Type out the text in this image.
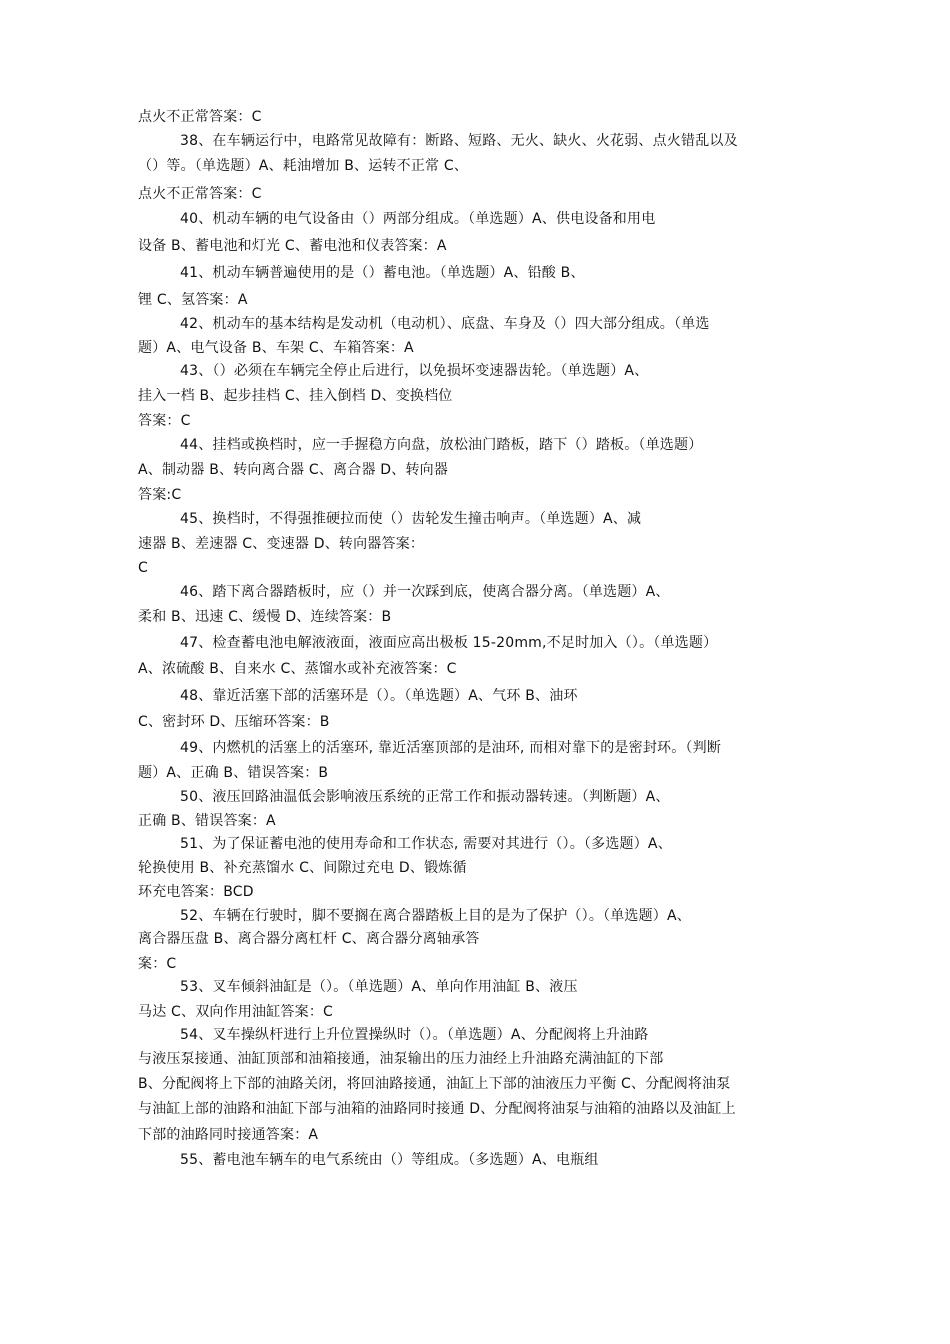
点火不正常答案：C
38、在车辆运行中，电路常见故障有：断路、短路、无火、缺火、火花弱、点火错乱以及
（）等。（单选题）A、耗油增加 B、运转不正常 C、
点火不正常答案：C
40、机动车辆的电气设备由（）两部分组成。（单选题）A、供电设备和用电
设备 B、蓄电池和灯光 C、蓄电池和仪表答案：A
41、机动车辆普遍使用的是（）蓄电池。（单选题）A、铅酸 B、
锂 C、氢答案：A
42、机动车的基本结构是发动机（电动机）、底盘、车身及（）四大部分组成。（单选
题）A、电气设备 B、车架 C、车箱答案：A
43、（）必须在车辆完全停止后进行，以免损坏变速器齿轮。（单选题）A、
挂入一档 B、起步挂档 C、挂入倒档 D、变换档位
答案：C
44、挂档或换档时，应一手握稳方向盘，放松油门踏板，踏下（）踏板。（单选题）
A、制动器 B、转向离合器 C、离合器 D、转向器
答案:C
45、换档时，不得强推硬拉而使（）齿轮发生撞击响声。（单选题）A、减
速器 B、差速器 C、变速器 D、转向器答案：
C
46、踏下离合器踏板时，应（）并一次踩到底，使离合器分离。（单选题）A、
柔和 B、迅速 C、缓慢 D、连续答案：B
47、检查蓄电池电解液液面，液面应高出极板 15-20mm,不足时加入（）。（单选题）
A、浓硫酸 B、自来水 C、蒸馏水或补充液答案：C
48、靠近活塞下部的活塞环是（）。（单选题）A、气环 B、油环
C、密封环 D、压缩环答案：B
49、内燃机的活塞上的活塞环, 靠近活塞顶部的是油环, 而相对靠下的是密封环。（判断
题）A、正确 B、错误答案：B
50、液压回路油温低会影响液压系统的正常工作和振动器转速。（判断题）A、
正确 B、错误答案：A
51、为了保证蓄电池的使用寿命和工作状态, 需要对其进行（）。（多选题）A、
轮换使用 B、补充蒸馏水 C、间隙过充电 D、锻炼循
环充电答案：BCD
52、车辆在行驶时，脚不要搁在离合器踏板上目的是为了保护（）。（单选题）A、
离合器压盘 B、离合器分离杠杆 C、离合器分离轴承答
案：C
53、叉车倾斜油缸是（）。（单选题）A、单向作用油缸 B、液压
马达 C、双向作用油缸答案：C
54、叉车操纵杆进行上升位置操纵时（）。（单选题）A、分配阀将上升油路
与液压泵接通、油缸顶部和油箱接通，油泵输出的压力油经上升油路充满油缸的下部
B、分配阀将上下部的油路关闭，将回油路接通，油缸上下部的油液压力平衡 C、分配阀将油泵
与油缸上部的油路和油缸下部与油箱的油路同时接通 D、分配阀将油泵与油箱的油路以及油缸上
下部的油路同时接通答案：A
55、蓄电池车辆车的电气系统由（）等组成。（多选题）A、电瓶组
